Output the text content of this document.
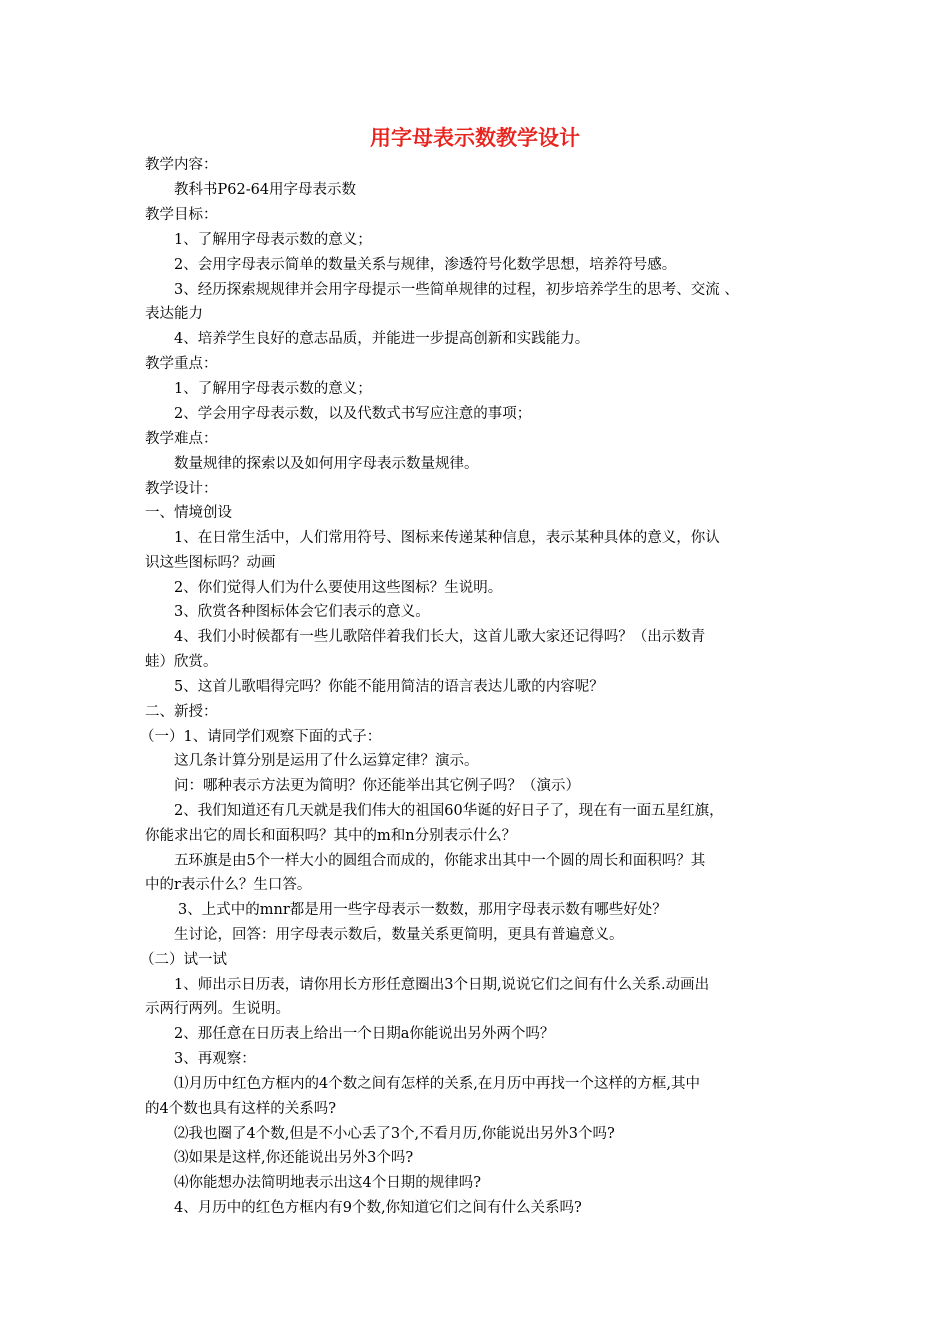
用字母表示数教学设计
教学内容：
教科书P62-64用字母表示数
教学目标：
1、了解用字母表示数的意义；
2、会用字母表示简单的数量关系与规律，渗透符号化数学思想，培养符号感。
3、经历探索规规律并会用字母提示一些简单规律的过程，初步培养学生的思考、交流 、
表达能力
4、培养学生良好的意志品质，并能进一步提高创新和实践能力。
教学重点：
1、了解用字母表示数的意义；
2、学会用字母表示数，以及代数式书写应注意的事项；
教学难点：
数量规律的探索以及如何用字母表示数量规律。
教学设计：
一、情境创设
1、在日常生活中，人们常用符号、图标来传递某种信息，表示某种具体的意义，你认
识这些图标吗？动画
2、你们觉得人们为什么要使用这些图标？生说明。
3、欣赏各种图标体会它们表示的意义。
4、我们小时候都有一些儿歌陪伴着我们长大，这首儿歌大家还记得吗？（出示数青
蛙）欣赏。
5、这首儿歌唱得完吗？你能不能用简洁的语言表达儿歌的内容呢？
二、新授：
（一）1、请同学们观察下面的式子：
这几条计算分别是运用了什么运算定律？演示。
问：哪种表示方法更为简明？你还能举出其它例子吗？（演示）
2、我们知道还有几天就是我们伟大的祖国60华诞的好日子了，现在有一面五星红旗，
你能求出它的周长和面积吗？其中的m和n分别表示什么？
五环旗是由5个一样大小的圆组合而成的，你能求出其中一个圆的周长和面积吗？其
中的r表示什么？生口答。
3、上式中的mnr都是用一些字母表示一数数，那用字母表示数有哪些好处？
生讨论，回答：用字母表示数后，数量关系更简明，更具有普遍意义。
（二）试一试
1、师出示日历表，请你用长方形任意圈出3个日期,说说它们之间有什么关系.动画出
示两行两列。生说明。
2、那任意在日历表上给出一个日期a你能说出另外两个吗？
3、再观察：
⑴月历中红色方框内的4个数之间有怎样的关系,在月历中再找一个这样的方框,其中
的4个数也具有这样的关系吗?
⑵我也圈了4个数,但是不小心丢了3个,不看月历,你能说出另外3个吗?
⑶如果是这样,你还能说出另外3个吗?
⑷你能想办法简明地表示出这4个日期的规律吗?
4、月历中的红色方框内有9个数,你知道它们之间有什么关系吗?
